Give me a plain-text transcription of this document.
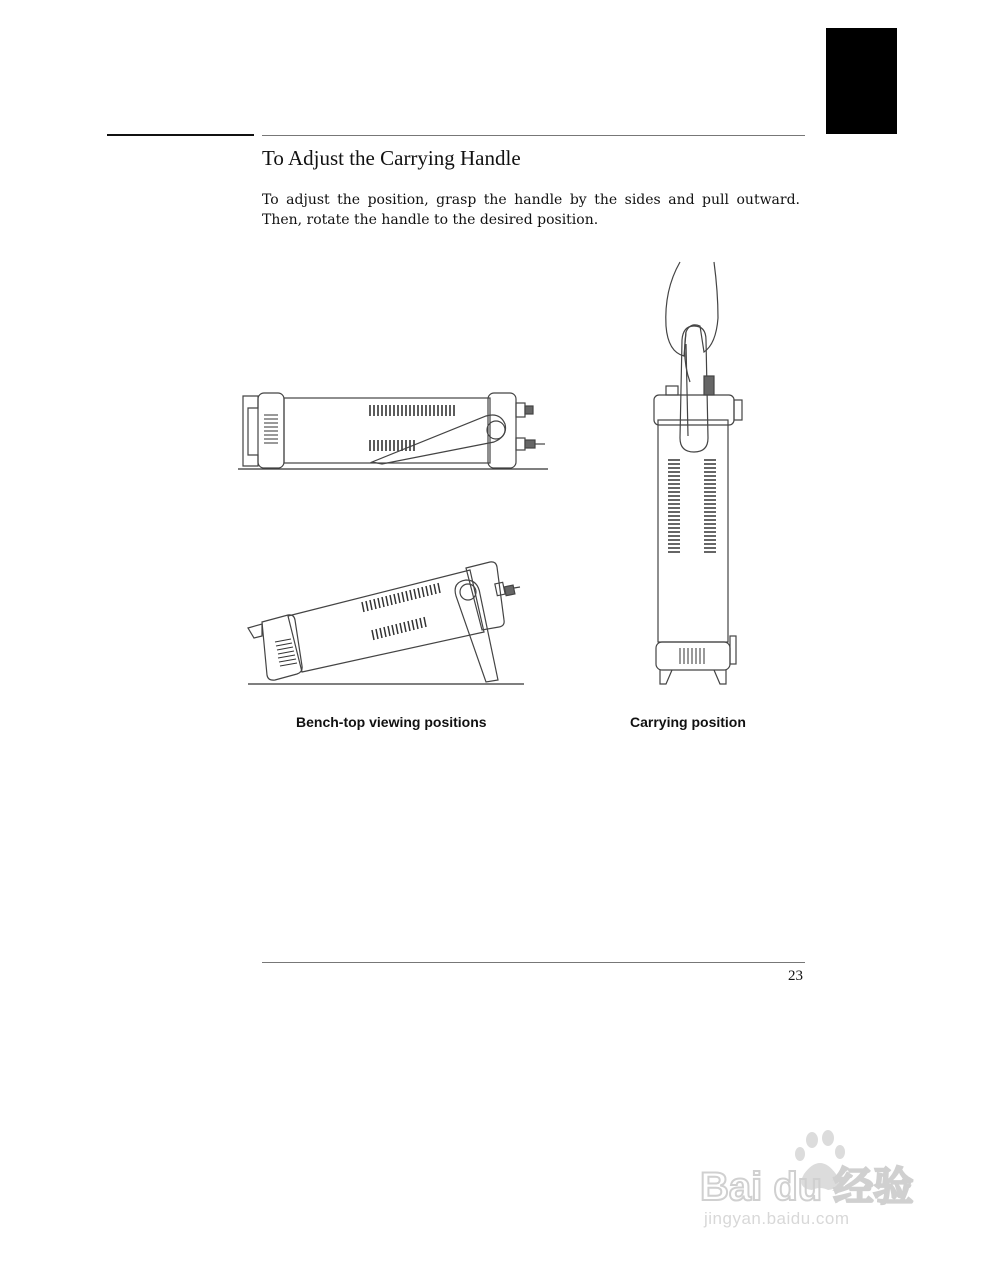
To Adjust the Carrying Handle

To adjust the position, grasp the handle by the sides and pull outward. Then, rotate the handle to the desired position.

Bench-top viewing positions	Carrying position
23
Bai du 经验
jingyan.baidu.com
